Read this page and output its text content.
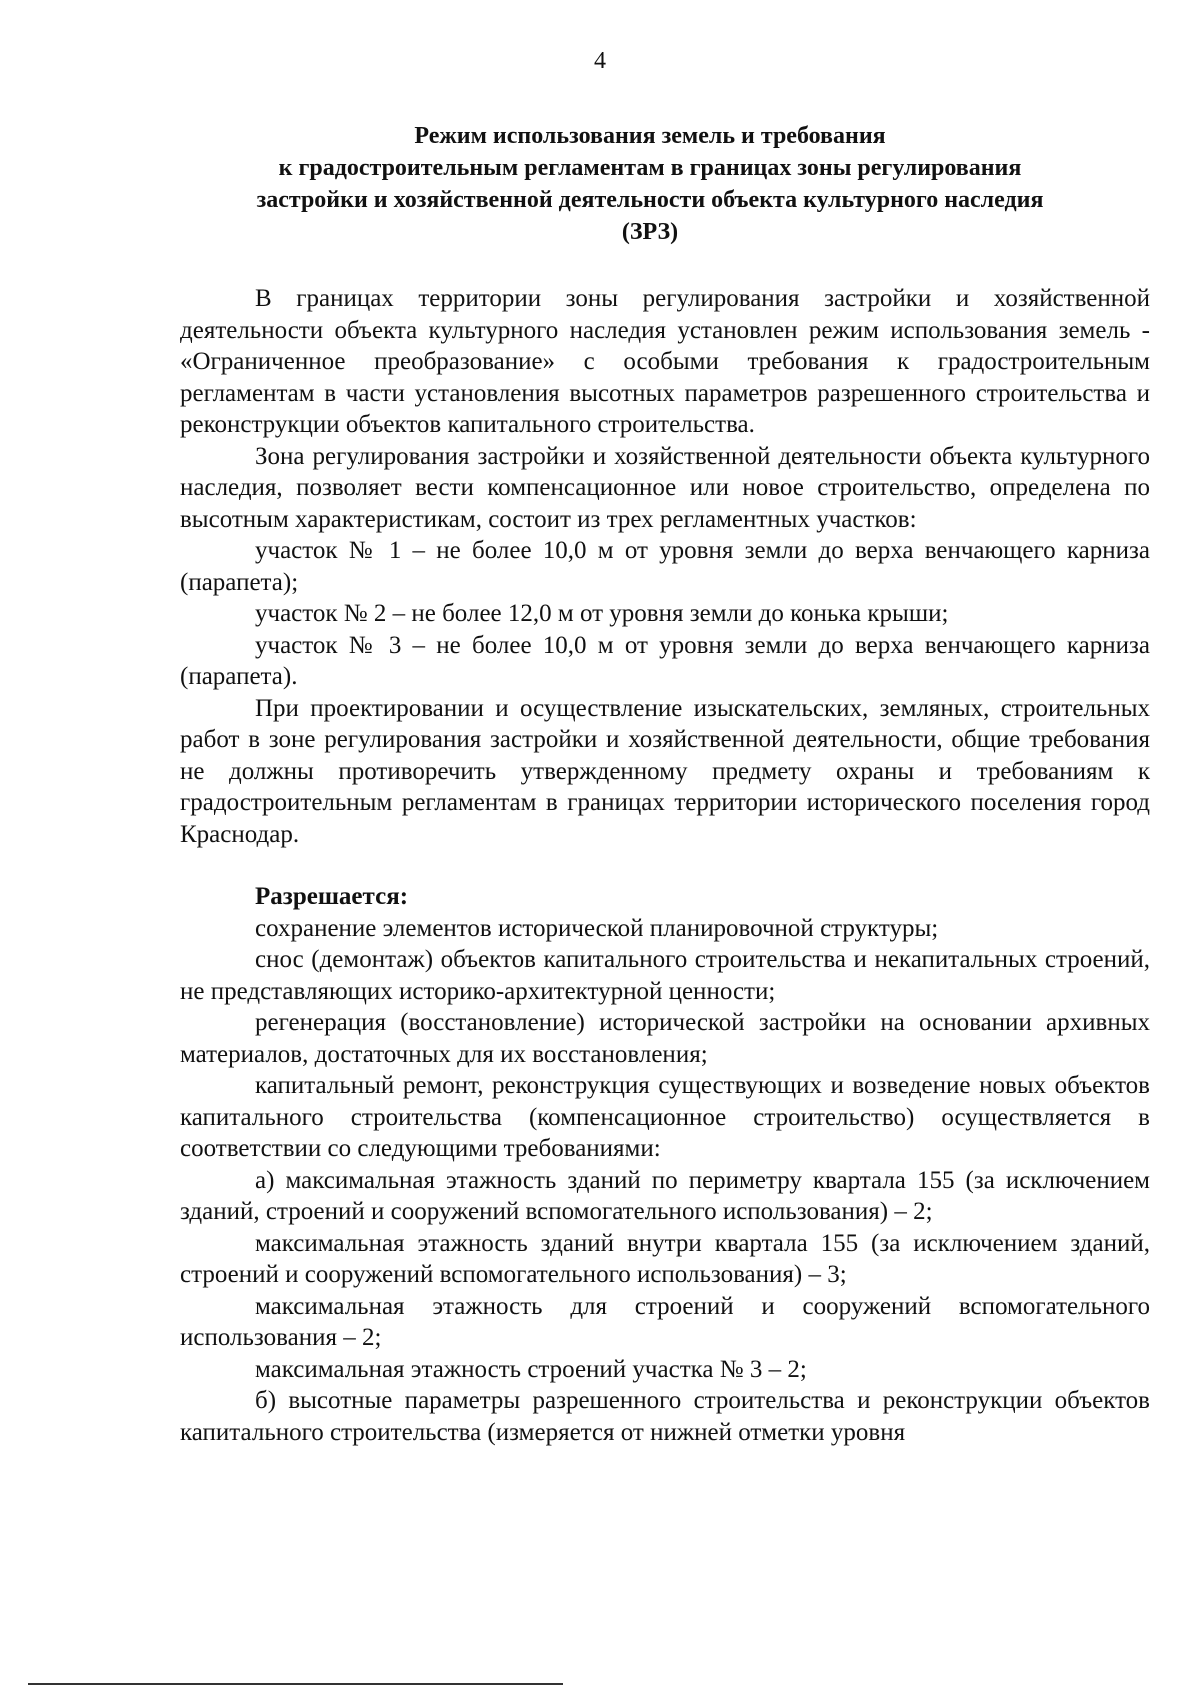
4
Режим использования земель и требования
к градостроительным регламентам в границах зоны регулирования
застройки и хозяйственной деятельности объекта культурного наследия
(ЗРЗ)

В границах территории зоны регулирования застройки и хозяйственной деятельности объекта культурного наследия установлен режим использования земель - «Ограниченное преобразование» с особыми требования к градостроительным регламентам в части установления высотных параметров разрешенного строительства и реконструкции объектов капитального строительства.

Зона регулирования застройки и хозяйственной деятельности объекта культурного наследия, позволяет вести компенсационное или новое строительство, определена по высотным характеристикам, состоит из трех регламентных участков:

участок № 1 – не более 10,0 м от уровня земли до верха венчающего карниза (парапета);

участок № 2 – не более 12,0 м от уровня земли до конька крыши;

участок № 3 – не более 10,0 м от уровня земли до верха венчающего карниза (парапета).

При проектировании и осуществление изыскательских, земляных, строительных работ в зоне регулирования застройки и хозяйственной деятельности, общие требования не должны противоречить утвержденному предмету охраны и требованиям к градостроительным регламентам в границах территории исторического поселения город Краснодар.

Разрешается:

сохранение элементов исторической планировочной структуры;

снос (демонтаж) объектов капитального строительства и некапитальных строений, не представляющих историко-архитектурной ценности;

регенерация (восстановление) исторической застройки на основании архивных материалов, достаточных для их восстановления;

капитальный ремонт, реконструкция существующих и возведение новых объектов капитального строительства (компенсационное строительство) осуществляется в соответствии со следующими требованиями:

а) максимальная этажность зданий по периметру квартала 155 (за исключением зданий, строений и сооружений вспомогательного использования) – 2;

максимальная этажность зданий внутри квартала 155 (за исключением зданий, строений и сооружений вспомогательного использования) – 3;

максимальная этажность для строений и сооружений вспомогательного использования – 2;

максимальная этажность строений участка № 3 – 2;

б) высотные параметры разрешенного строительства и реконструкции объектов капитального строительства (измеряется от нижней отметки уровня
